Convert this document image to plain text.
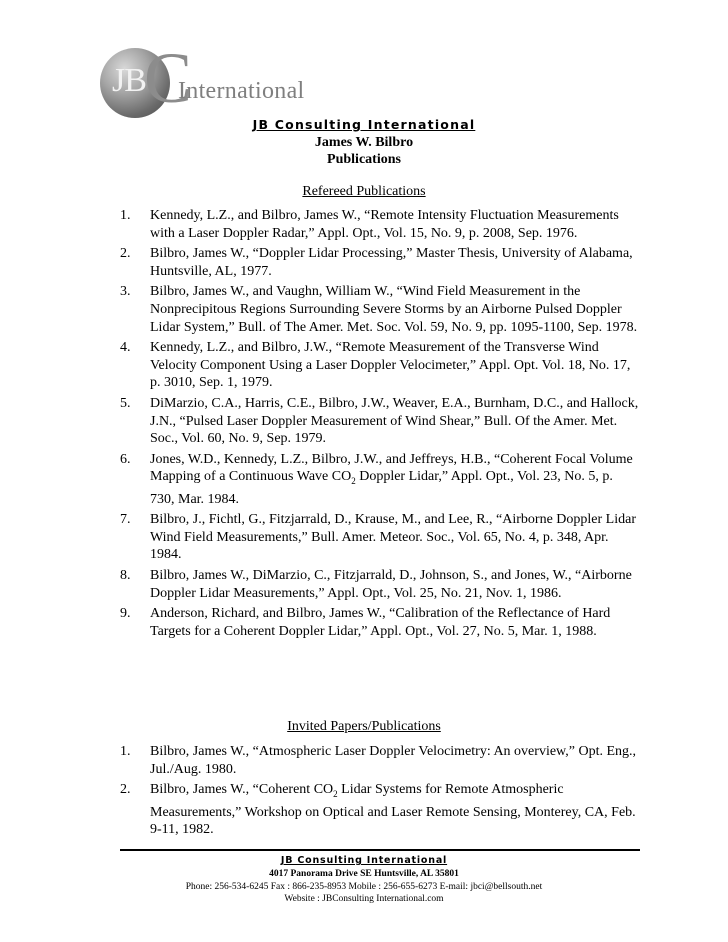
JB
C
International
JB Consulting International
James W. Bilbro
Publications
Refereed Publications
1. Kennedy, L.Z., and Bilbro, James W., “Remote Intensity Fluctuation Measurements with a Laser Doppler Radar,” Appl. Opt., Vol. 15, No. 9, p. 2008, Sep. 1976.
2. Bilbro, James W., “Doppler Lidar Processing,” Master Thesis, University of Alabama, Huntsville, AL, 1977.
3. Bilbro, James W., and Vaughn, William W., “Wind Field Measurement in the Nonprecipitous Regions Surrounding Severe Storms by an Airborne Pulsed Doppler Lidar System,” Bull. of The Amer. Met. Soc. Vol. 59, No. 9, pp. 1095-1100, Sep. 1978.
4. Kennedy, L.Z., and Bilbro, J.W., “Remote Measurement of the Transverse Wind Velocity Component Using a Laser Doppler Velocimeter,” Appl. Opt. Vol. 18, No. 17, p. 3010, Sep. 1, 1979.
5. DiMarzio, C.A., Harris, C.E., Bilbro, J.W., Weaver, E.A., Burnham, D.C., and Hallock, J.N., “Pulsed Laser Doppler Measurement of Wind Shear,” Bull. Of the Amer. Met. Soc., Vol. 60, No. 9, Sep. 1979.
6. Jones, W.D., Kennedy, L.Z., Bilbro, J.W., and Jeffreys, H.B., “Coherent Focal Volume Mapping of a Continuous Wave $CO_2$ Doppler Lidar,” Appl. Opt., Vol. 23, No. 5, p. 730, Mar. 1984.
7. Bilbro, J., Fichtl, G., Fitzjarrald, D., Krause, M., and Lee, R., “Airborne Doppler Lidar Wind Field Measurements,” Bull. Amer. Meteor. Soc., Vol. 65, No. 4, p. 348, Apr. 1984.
8. Bilbro, James W., DiMarzio, C., Fitzjarrald, D., Johnson, S., and Jones, W., “Airborne Doppler Lidar Measurements,” Appl. Opt., Vol. 25, No. 21, Nov. 1, 1986.
9. Anderson, Richard, and Bilbro, James W., “Calibration of the Reflectance of Hard Targets for a Coherent Doppler Lidar,” Appl. Opt., Vol. 27, No. 5, Mar. 1, 1988.
Invited Papers/Publications
1. Bilbro, James W., “Atmospheric Laser Doppler Velocimetry: An overview,” Opt. Eng., Jul./Aug. 1980.
2. Bilbro, James W., “Coherent $CO_2$ Lidar Systems for Remote Atmospheric Measurements,” Workshop on Optical and Laser Remote Sensing, Monterey, CA, Feb. 9-11, 1982.
JB Consulting International
4017 Panorama Drive SE Huntsville, AL 35801
Phone: 256-534-6245 Fax : 866-235-8953 Mobile : 256-655-6273 E-mail: jbci@bellsouth.net
Website : JBConsulting International.com
